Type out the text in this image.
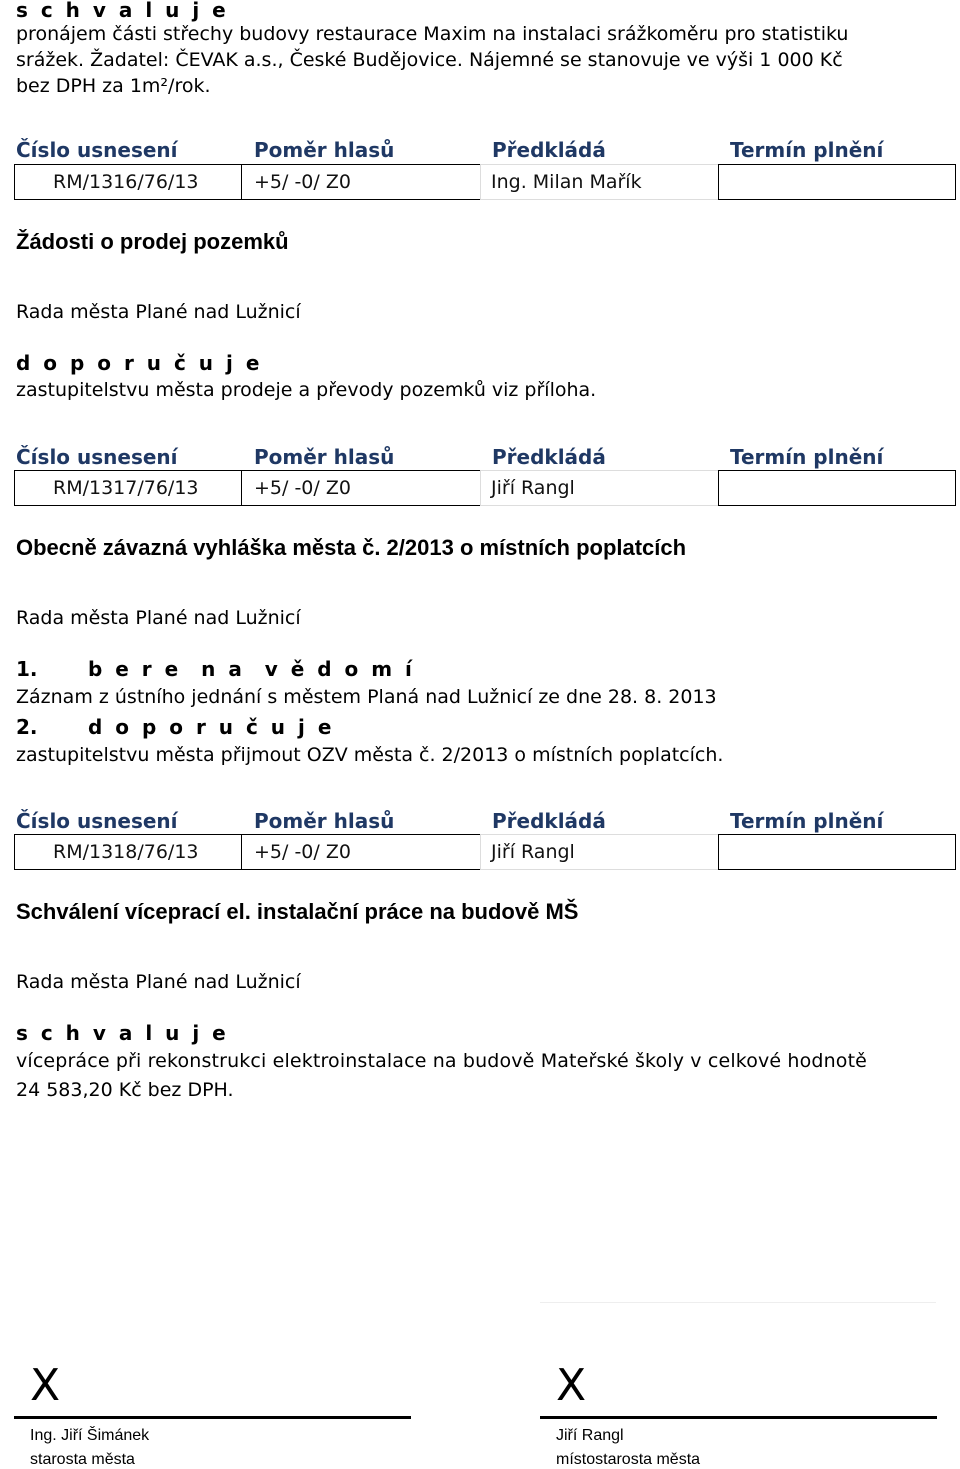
s c h v a l u j e
pronájem části střechy budovy restaurace Maxim na instalaci srážkoměru pro statistiku
srážek. Žadatel: ČEVAK a.s., České Budějovice. Nájemné se stanovuje ve výši 1 000 Kč
bez DPH za 1m²/rok.
Číslo usnesení	Poměr hlasů	Předkládá	Termín plnění
RM/1316/76/13	+5/ -0/ Z0	Ing. Milan Mařík
Žádosti o prodej pozemků
Rada města Plané nad Lužnicí
d o p o r u č u j e
zastupitelstvu města prodeje a převody pozemků viz příloha.
Číslo usnesení	Poměr hlasů	Předkládá	Termín plnění
RM/1317/76/13	+5/ -0/ Z0	Jiří Rangl
Obecně závazná vyhláška města č. 2/2013 o místních poplatcích
Rada města Plané nad Lužnicí
1.	b e r e  n a  v ě d o m í
Záznam z ústního jednání s městem Planá nad Lužnicí ze dne 28. 8. 2013
2.	d o p o r u č u j e
zastupitelstvu města přijmout OZV města č. 2/2013 o místních poplatcích.
Číslo usnesení	Poměr hlasů	Předkládá	Termín plnění
RM/1318/76/13	+5/ -0/ Z0	Jiří Rangl
Schválení víceprací el. instalační práce na budově MŠ
Rada města Plané nad Lužnicí
s c h v a l u j e
vícepráce při rekonstrukci elektroinstalace na budově Mateřské školy v celkové hodnotě
24 583,20 Kč bez DPH.
X
Ing. Jiří Šimánek
starosta města
X
Jiří Rangl
místostarosta města
